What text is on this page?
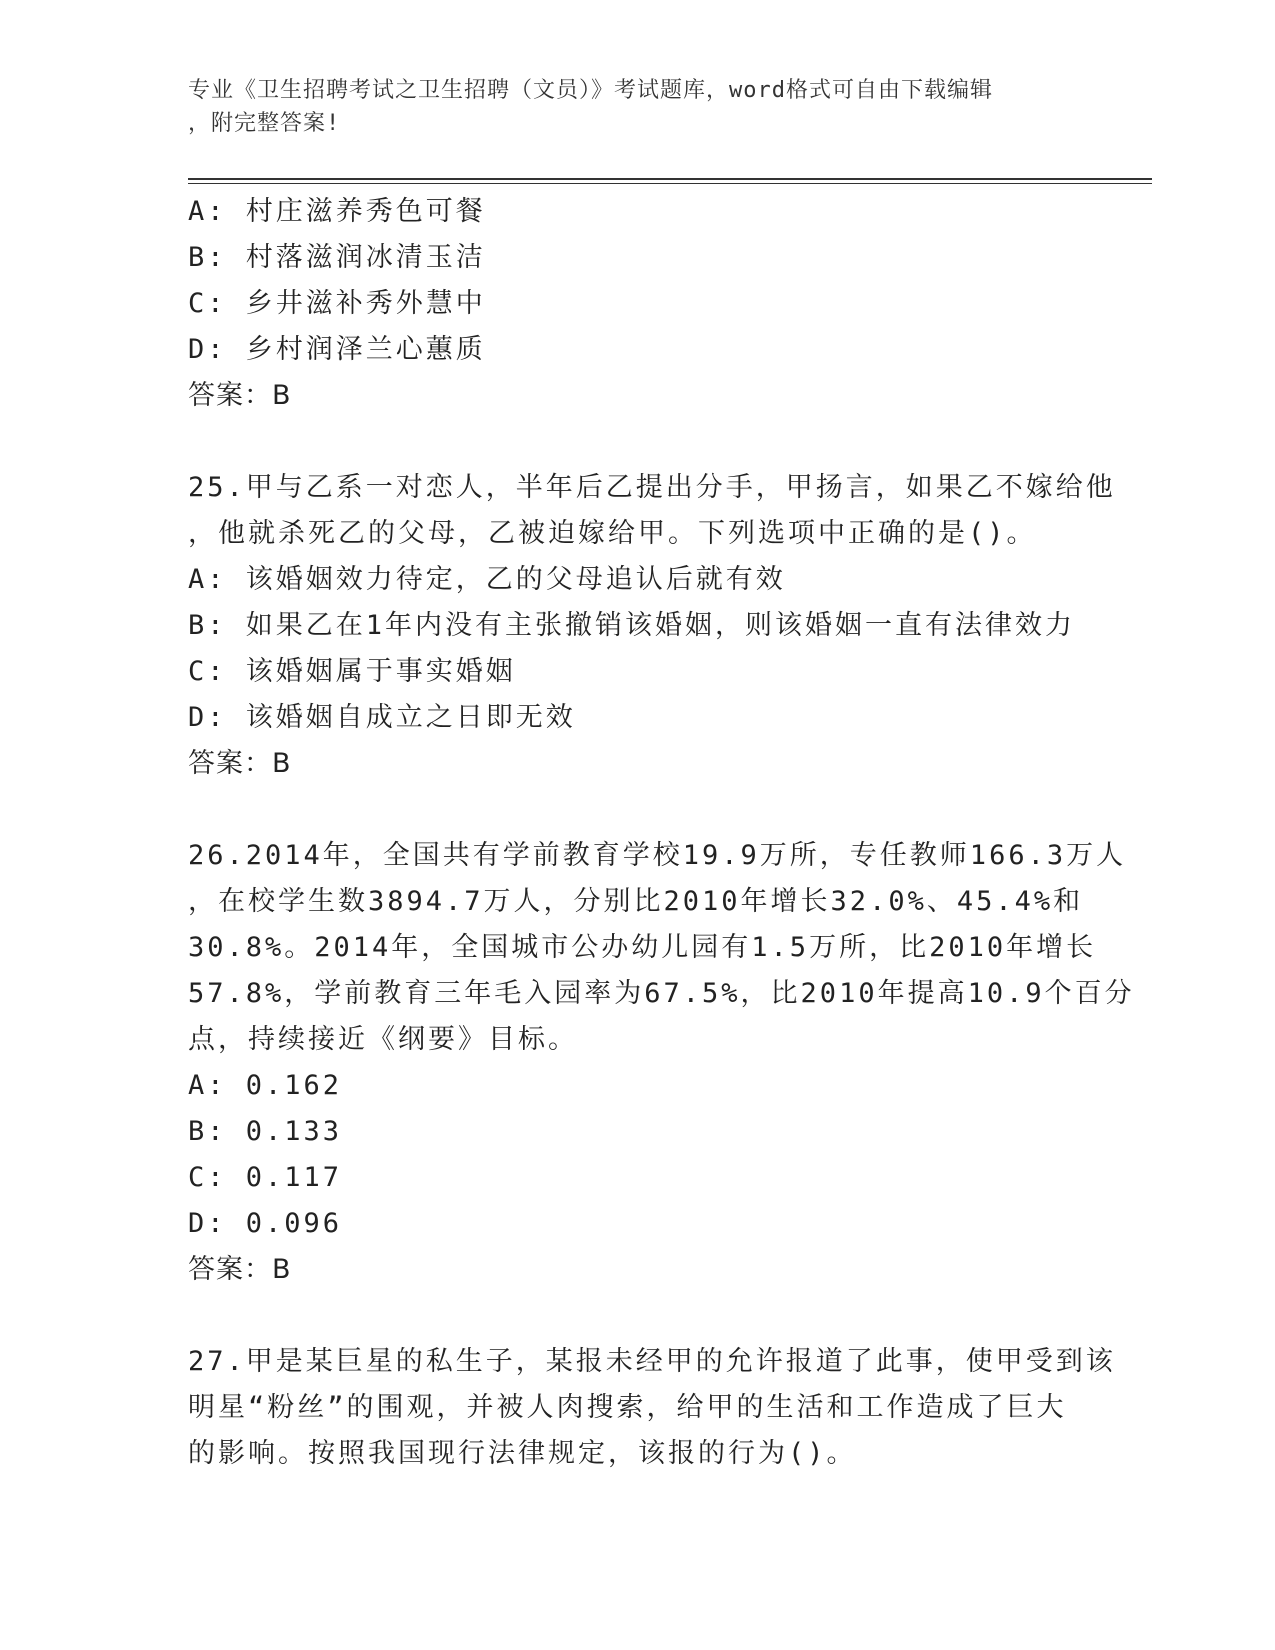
专业《卫生招聘考试之卫生招聘（文员）》考试题库，word格式可自由下载编辑
，附完整答案!
A: 村庄滋养秀色可餐
B: 村落滋润冰清玉洁
C: 乡井滋补秀外慧中
D: 乡村润泽兰心蕙质
答案：B
25.甲与乙系一对恋人，半年后乙提出分手，甲扬言，如果乙不嫁给他
，他就杀死乙的父母，乙被迫嫁给甲。下列选项中正确的是()。
A: 该婚姻效力待定，乙的父母追认后就有效
B: 如果乙在1年内没有主张撤销该婚姻，则该婚姻一直有法律效力
C: 该婚姻属于事实婚姻
D: 该婚姻自成立之日即无效
答案：B
26.2014年，全国共有学前教育学校19.9万所，专任教师166.3万人
，在校学生数3894.7万人，分别比2010年增长32.0%、45.4%和
30.8%。2014年，全国城市公办幼儿园有1.5万所，比2010年增长
57.8%，学前教育三年毛入园率为67.5%，比2010年提高10.9个百分
点，持续接近《纲要》目标。
A: 0.162
B: 0.133
C: 0.117
D: 0.096
答案：B
27.甲是某巨星的私生子，某报未经甲的允许报道了此事，使甲受到该
明星“粉丝”的围观，并被人肉搜索，给甲的生活和工作造成了巨大
的影响。按照我国现行法律规定，该报的行为()。
